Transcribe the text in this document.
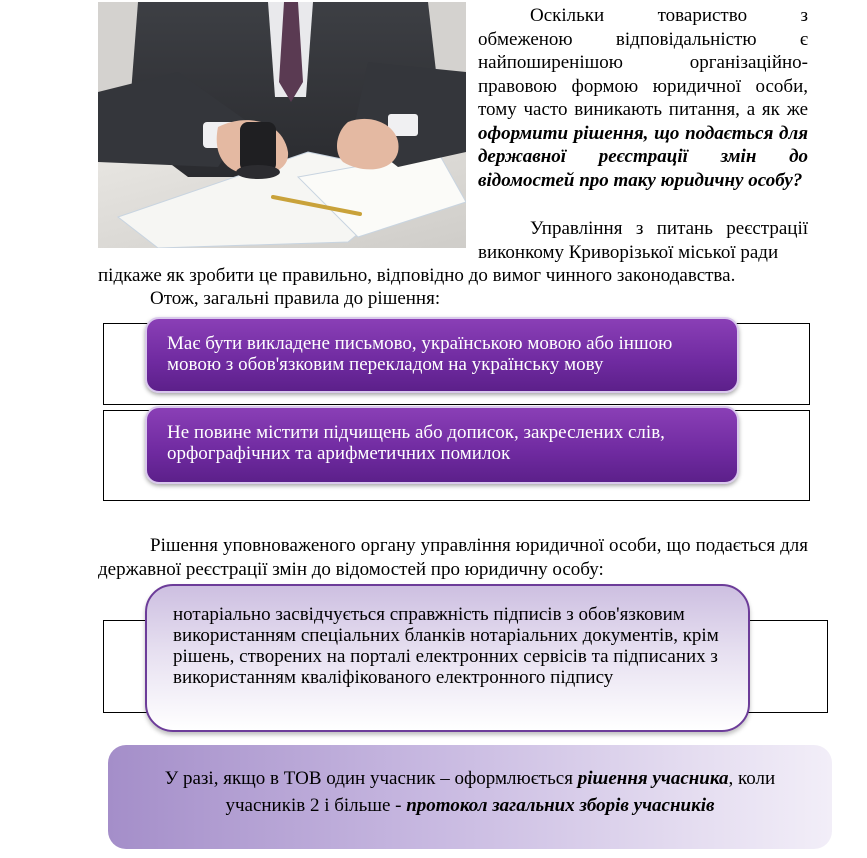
Оскільки товариство з обмеженою відповідальністю є найпоширенішою організаційно-правовою формою юридичної особи, тому часто виникають питання, а як же оформити рішення, що подається для державної реєстрації змін до відомостей про таку юридичну особу?

Управління з питань реєстрації виконкому Криворізької міської ради

підкаже як зробити це правильно, відповідно до вимог чинного законодавства.

Отож, загальні правила до рішення:

Має бути викладене письмово, українською мовою або іншою мовою з обов'язковим перекладом на українську мову
Не повине містити підчищень або дописок, закреслених слів, орфографічних та арифметичних помилок

Рішення уповноваженого органу управління юридичної особи, що подається для державної реєстрації змін до відомостей про юридичну особу:

нотаріально засвідчується справжність підписів з обов'язковим використанням спеціальних бланків нотаріальних документів, крім рішень, створених на порталі електронних сервісів та підписаних з використанням кваліфікованого електронного підпису
У разі, якщо в ТОВ один учасник – оформлюється рішення учасника, коли учасників 2 і більше - протокол загальних зборів учасників
